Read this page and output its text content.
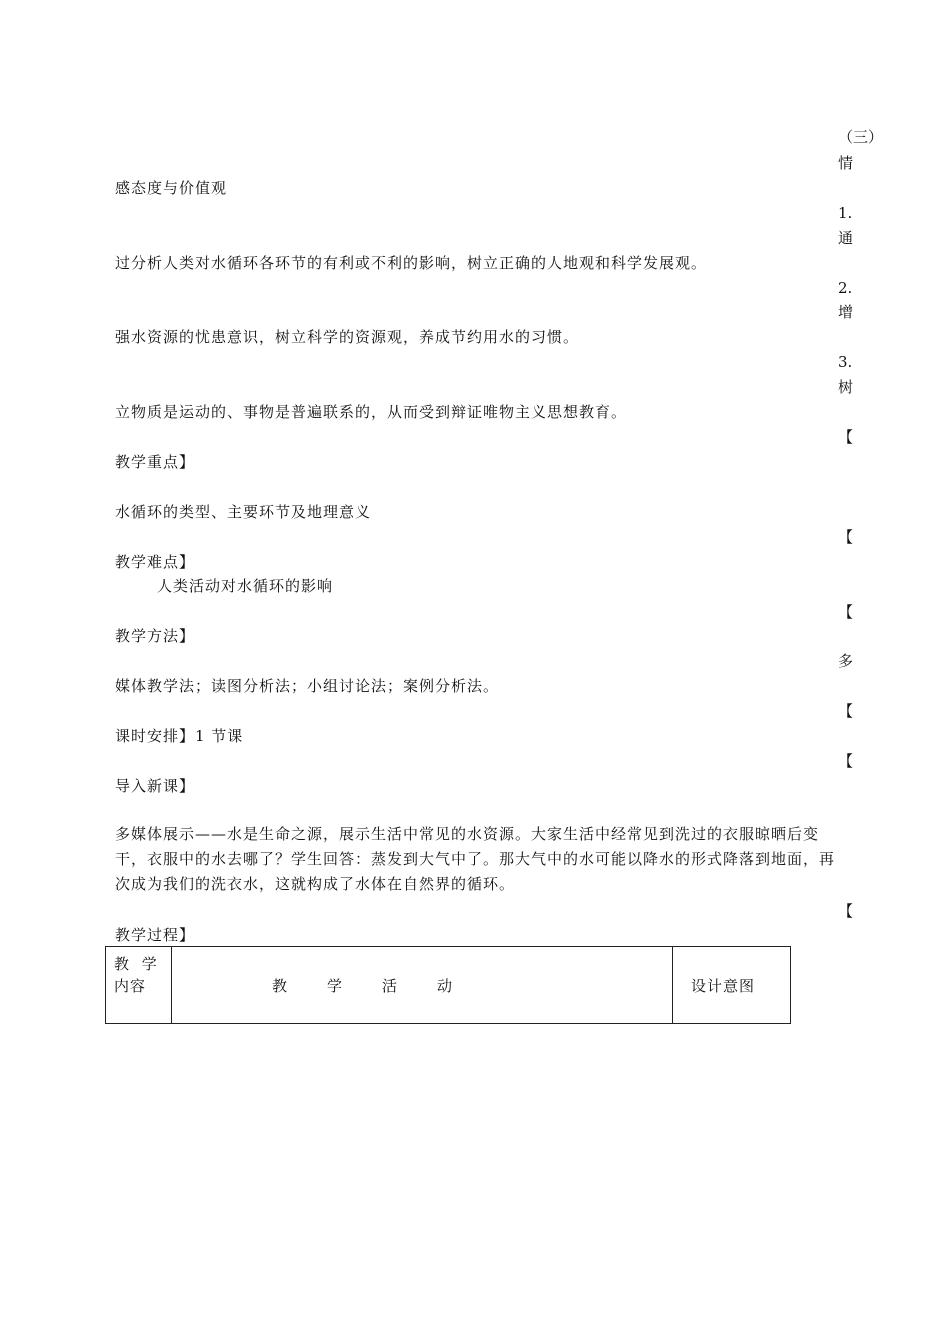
（三）
情
1.
通
2.
增
3.
树
【
【
【
多
【
【
【
感态度与价值观
过分析人类对水循环各环节的有利或不利的影响，树立正确的人地观和科学发展观。
强水资源的忧患意识，树立科学的资源观，养成节约用水的习惯。
立物质是运动的、事物是普遍联系的，从而受到辩证唯物主义思想教育。
教学重点】
水循环的类型、主要环节及地理意义
教学难点】
人类活动对水循环的影响
教学方法】
媒体教学法；读图分析法；小组讨论法；案例分析法。
课时安排】1 节课
导入新课】
多媒体展示——水是生命之源，展示生活中常见的水资源。大家生活中经常见到洗过的衣服晾晒后变干，衣服中的水去哪了？学生回答：蒸发到大气中了。那大气中的水可能以降水的形式降落到地面，再次成为我们的洗衣水，这就构成了水体在自然界的循环。
教学过程】
教 学
内容	教学活动	设计意图
